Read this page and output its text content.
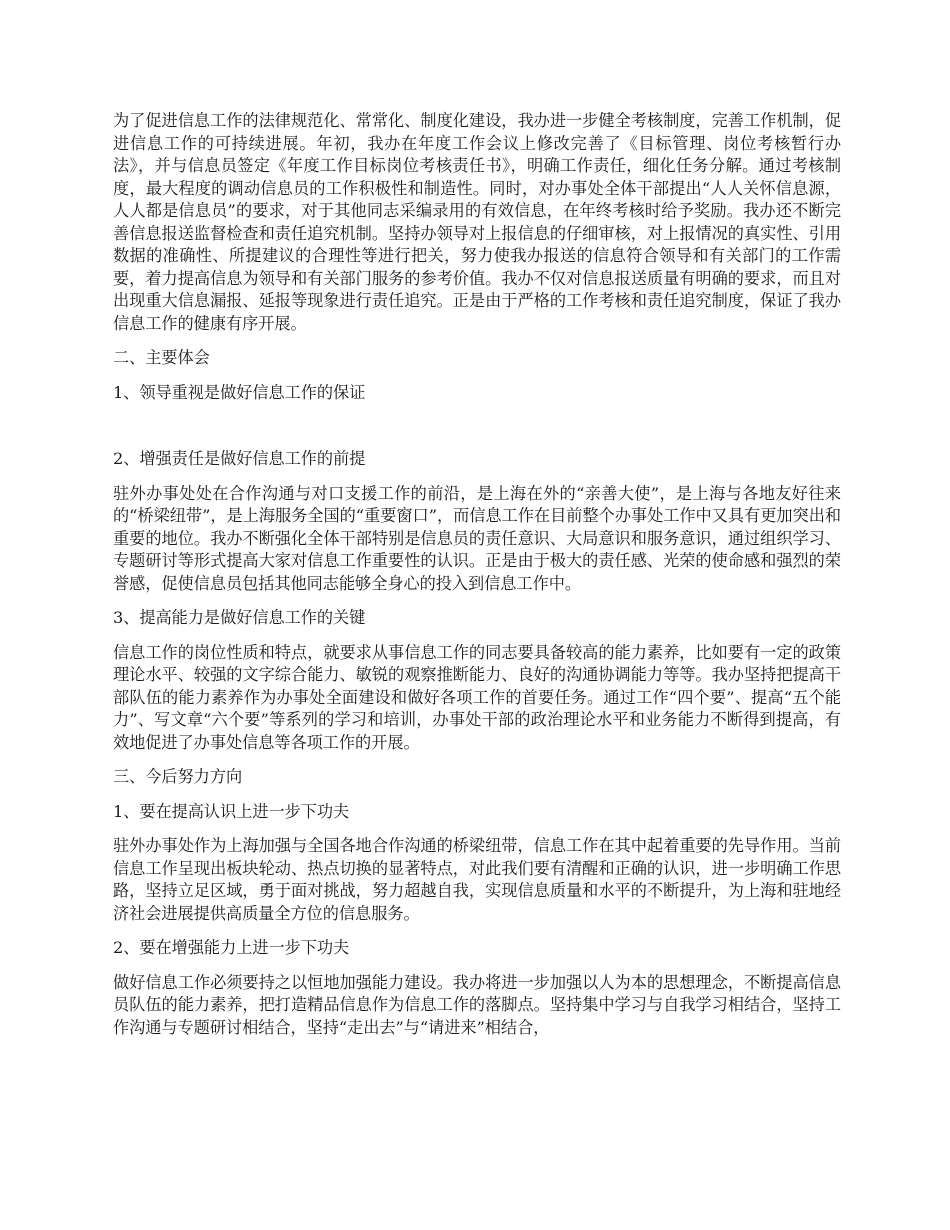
为了促进信息工作的法律规范化、常常化、制度化建设，我办进一步健全考核制度，完善工作机制，促进信息工作的可持续进展。年初，我办在年度工作会议上修改完善了《目标管理、岗位考核暂行办法》，并与信息员签定《年度工作目标岗位考核责任书》，明确工作责任，细化任务分解。通过考核制度，最大程度的调动信息员的工作积极性和制造性。同时，对办事处全体干部提出“人人关怀信息源，人人都是信息员”的要求，对于其他同志采编录用的有效信息，在年终考核时给予奖励。我办还不断完善信息报送监督检查和责任追究机制。坚持办领导对上报信息的仔细审核，对上报情况的真实性、引用数据的准确性、所提建议的合理性等进行把关，努力使我办报送的信息符合领导和有关部门的工作需要，着力提高信息为领导和有关部门服务的参考价值。我办不仅对信息报送质量有明确的要求，而且对出现重大信息漏报、延报等现象进行责任追究。正是由于严格的工作考核和责任追究制度，保证了我办信息工作的健康有序开展。

二、主要体会
1、领导重视是做好信息工作的保证
2、增强责任是做好信息工作的前提

驻外办事处处在合作沟通与对口支援工作的前沿，是上海在外的“亲善大使”，是上海与各地友好往来的“桥梁纽带”，是上海服务全国的“重要窗口”，而信息工作在目前整个办事处工作中又具有更加突出和重要的地位。我办不断强化全体干部特别是信息员的责任意识、大局意识和服务意识，通过组织学习、专题研讨等形式提高大家对信息工作重要性的认识。正是由于极大的责任感、光荣的使命感和强烈的荣誉感，促使信息员包括其他同志能够全身心的投入到信息工作中。

3、提高能力是做好信息工作的关键

信息工作的岗位性质和特点，就要求从事信息工作的同志要具备较高的能力素养，比如要有一定的政策理论水平、较强的文字综合能力、敏锐的观察推断能力、良好的沟通协调能力等等。我办坚持把提高干部队伍的能力素养作为办事处全面建设和做好各项工作的首要任务。通过工作“四个要”、提高“五个能力”、写文章“六个要”等系列的学习和培训，办事处干部的政治理论水平和业务能力不断得到提高，有效地促进了办事处信息等各项工作的开展。

三、今后努力方向
1、要在提高认识上进一步下功夫

驻外办事处作为上海加强与全国各地合作沟通的桥梁纽带，信息工作在其中起着重要的先导作用。当前信息工作呈现出板块轮动、热点切换的显著特点，对此我们要有清醒和正确的认识，进一步明确工作思路，坚持立足区域，勇于面对挑战，努力超越自我，实现信息质量和水平的不断提升，为上海和驻地经济社会进展提供高质量全方位的信息服务。

2、要在增强能力上进一步下功夫

做好信息工作必须要持之以恒地加强能力建设。我办将进一步加强以人为本的思想理念，不断提高信息员队伍的能力素养，把打造精品信息作为信息工作的落脚点。坚持集中学习与自我学习相结合，坚持工作沟通与专题研讨相结合，坚持“走出去”与“请进来”相结合，
